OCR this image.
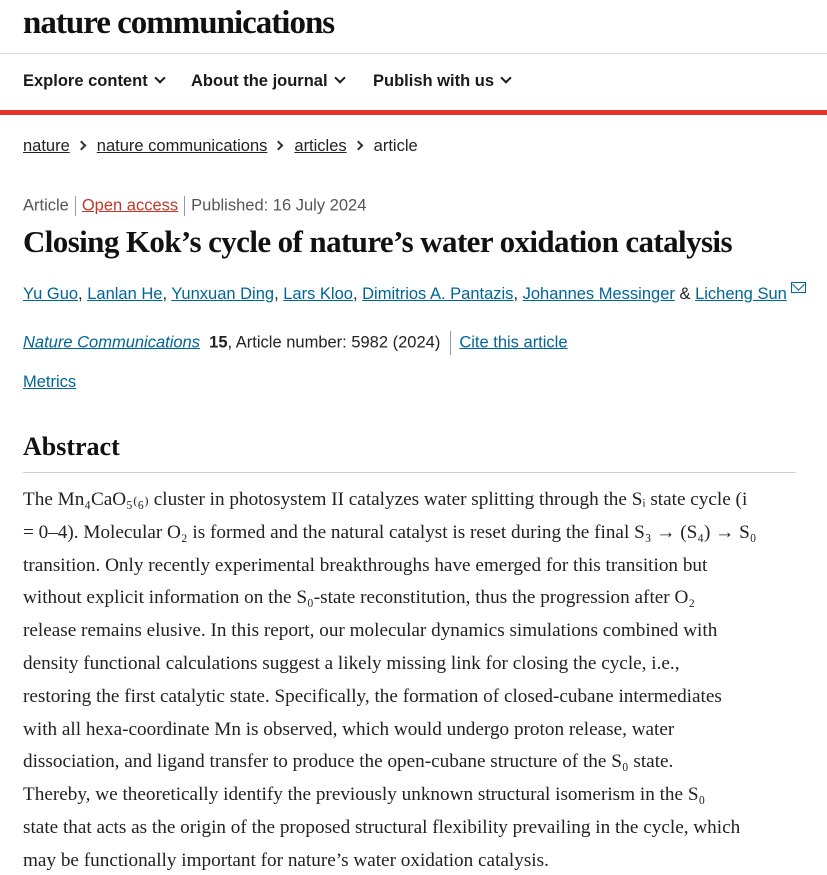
nature communications
Explore content	About the journal	Publish with us
nature nature communications articles article
Article Open access Published: 16 July 2024
Closing Kok’s cycle of nature’s water oxidation catalysis
Yu Guo, Lanlan He, Yunxuan Ding, Lars Kloo, Dimitrios A. Pantazis, Johannes Messinger & Licheng Sun
Nature Communications 15, Article number: 5982 (2024) Cite this article
Metrics
Abstract
The Mn₄CaO₅₍₆₎ cluster in photosystem II catalyzes water splitting through the Sᵢ state cycle (i
= 0–4). Molecular O₂ is formed and the natural catalyst is reset during the final S₃ → (S₄) → S₀
transition. Only recently experimental breakthroughs have emerged for this transition but
without explicit information on the S₀-state reconstitution, thus the progression after O₂
release remains elusive. In this report, our molecular dynamics simulations combined with
density functional calculations suggest a likely missing link for closing the cycle, i.e.,
restoring the first catalytic state. Specifically, the formation of closed-cubane intermediates
with all hexa-coordinate Mn is observed, which would undergo proton release, water
dissociation, and ligand transfer to produce the open-cubane structure of the S₀ state.
Thereby, we theoretically identify the previously unknown structural isomerism in the S₀
state that acts as the origin of the proposed structural flexibility prevailing in the cycle, which
may be functionally important for nature’s water oxidation catalysis.
